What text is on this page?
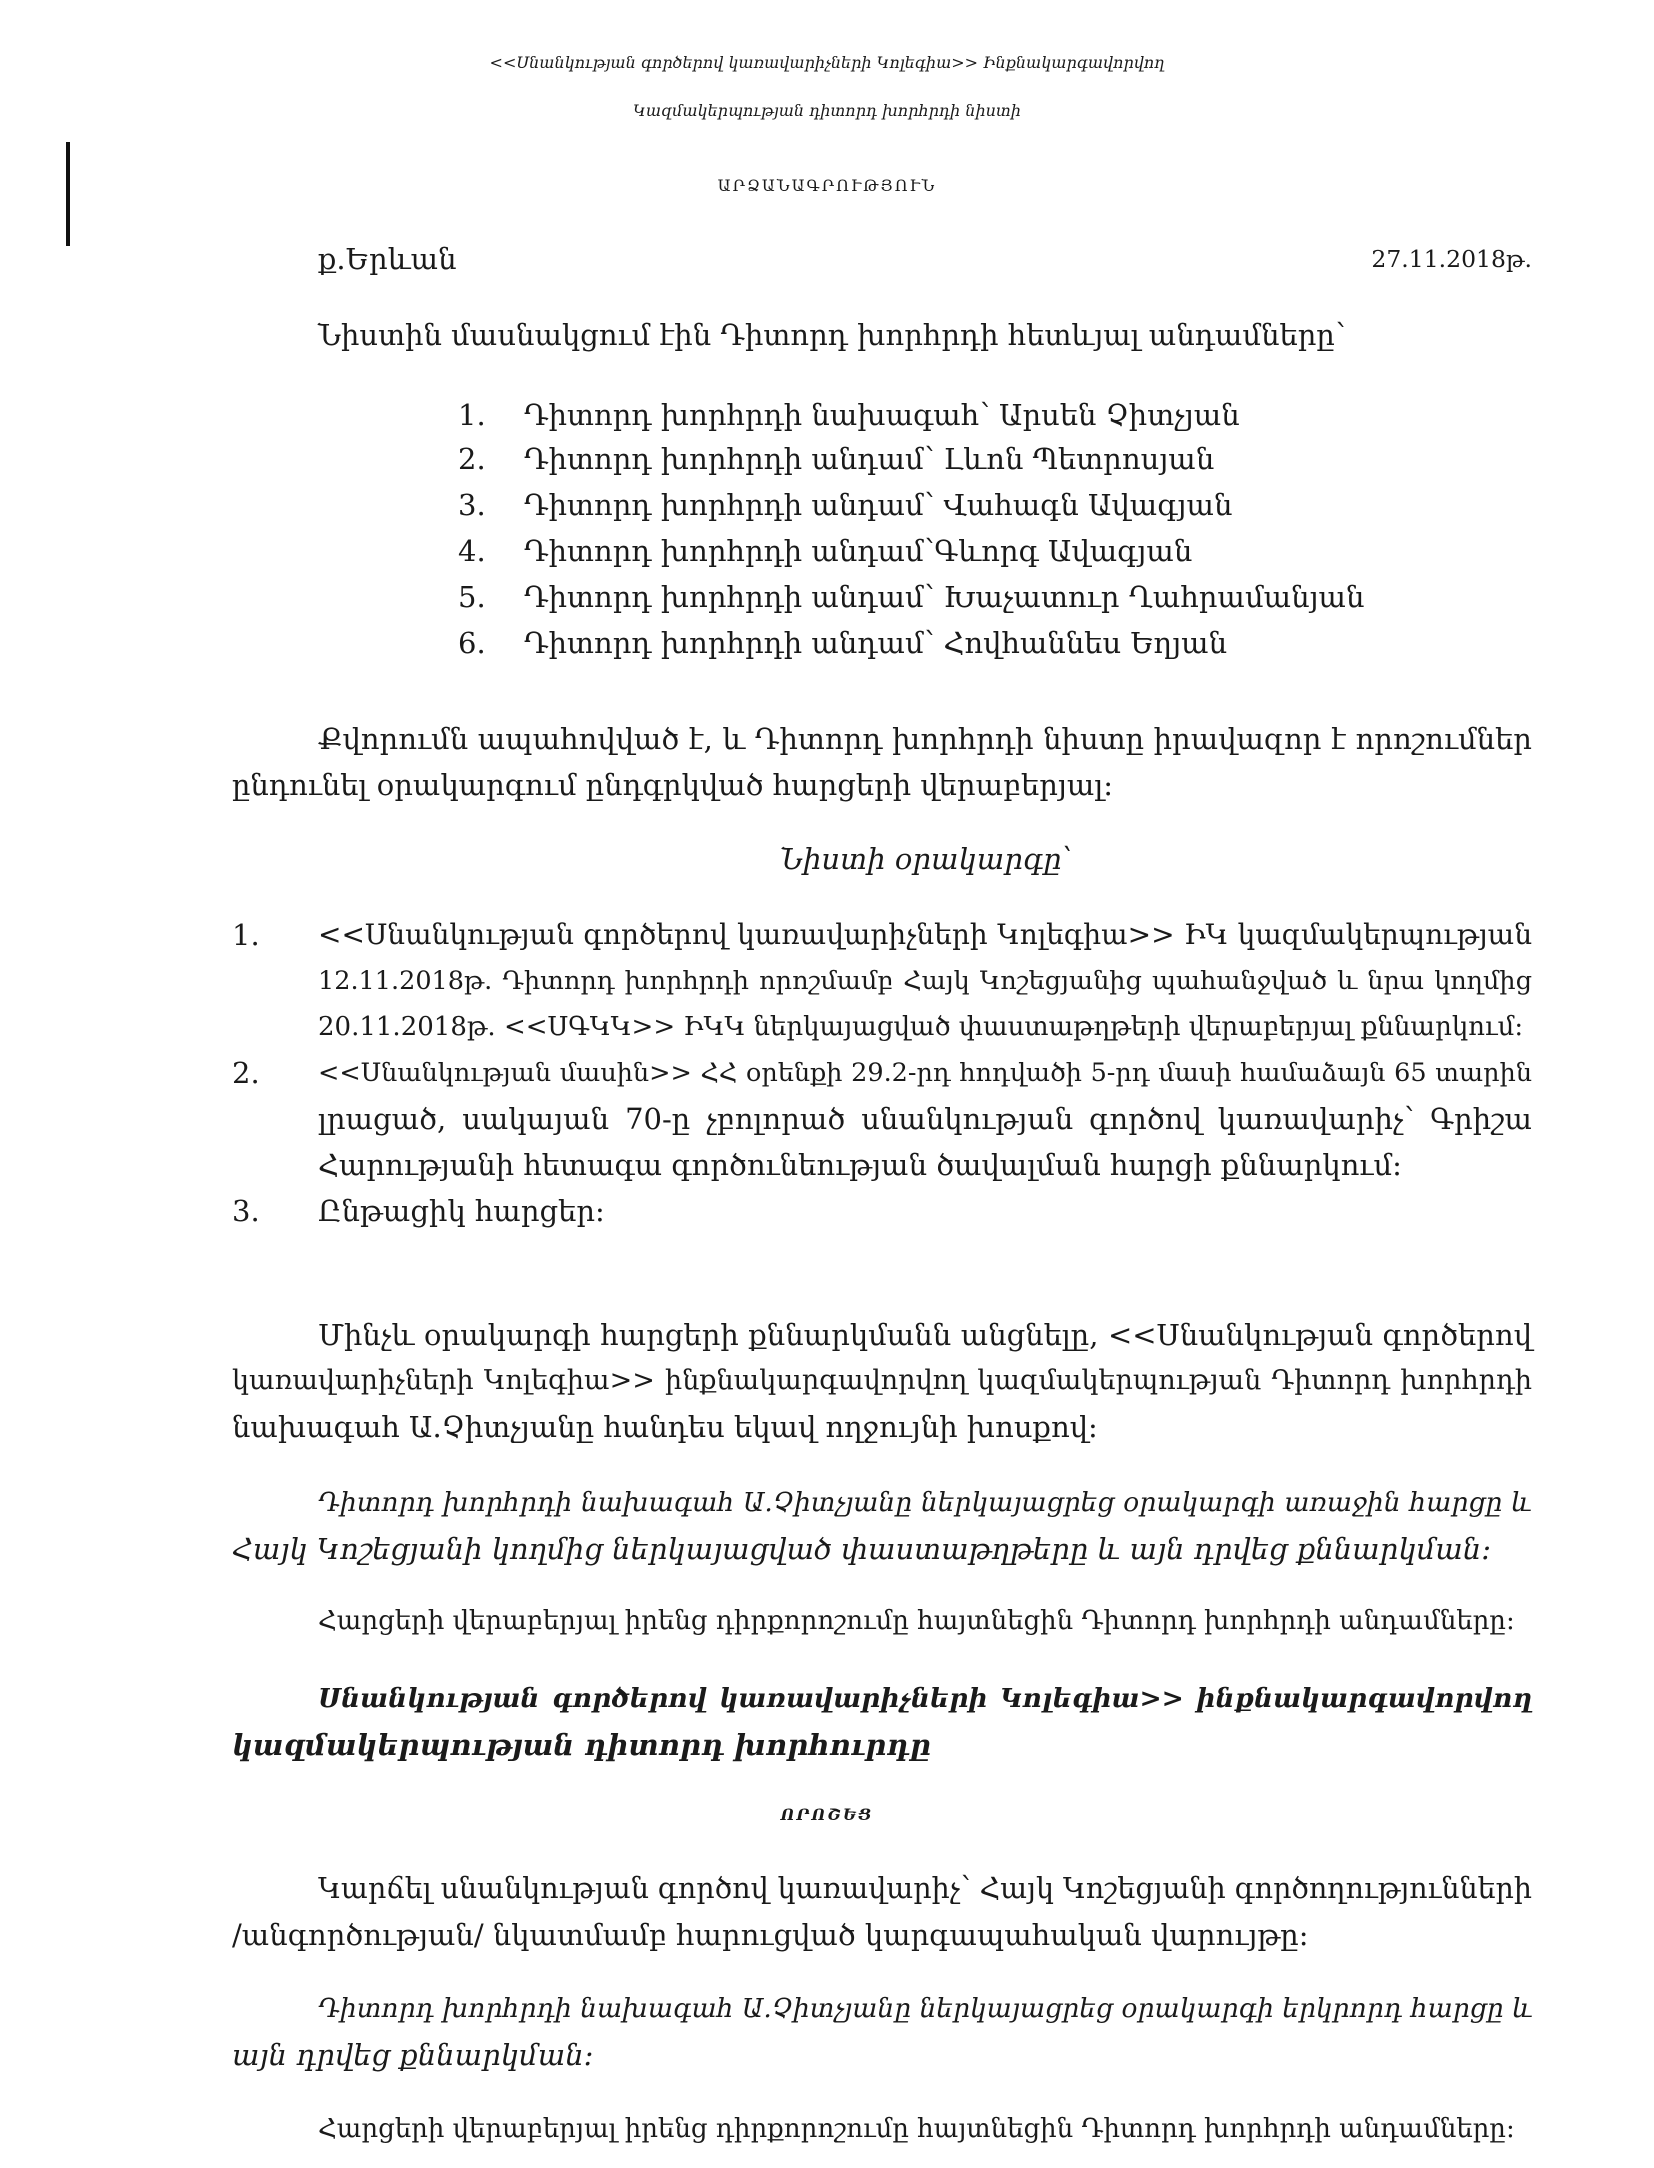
<<Սնանկության գործերով կառավարիչների Կոլեգիա>> Ինքնակարգավորվող
Կազմակերպության դիտորդ խորհրդի նիստի
ԱՐՁԱՆԱԳՐՈՒԹՅՈՒՆ
ք.Երևան	27.11.2018թ.
Նիստին մասնակցում էին Դիտորդ խորհրդի հետևյալ անդամները՝
1. Դիտորդ խորհրդի նախագահ՝ Արսեն Չիտչյան
2. Դիտորդ խորհրդի անդամ՝ Լևոն Պետրոսյան
3. Դիտորդ խորհրդի անդամ՝ Վահագն Ավագյան
4. Դիտորդ խորհրդի անդամ՝Գևորգ Ավագյան
5. Դիտորդ խորհրդի անդամ՝ Խաչատուր Ղահրամանյան
6. Դիտորդ խորհրդի անդամ՝ Հովհաննես Եղյան
Քվորումն ապահովված է, և Դիտորդ խորհրդի նիստը իրավազոր է որոշումներ
ընդունել օրակարգում ընդգրկված հարցերի վերաբերյալ:
Նիստի օրակարգը՝
1. <<Սնանկության գործերով կառավարիչների Կոլեգիա>> ԻԿ կազմակերպության
12.11.2018թ. Դիտորդ խորհրդի որոշմամբ Հայկ Կոշեցյանից պահանջված և նրա կողմից
20.11.2018թ. <<ՍԳԿԿ>> ԻԿԿ ներկայացված փաստաթղթերի վերաբերյալ քննարկում:
2. <<Սնանկության մասին>> ՀՀ օրենքի 29.2-րդ հոդվածի 5-րդ մասի համաձայն 65 տարին
լրացած, սակայան 70-ը չբոլորած սնանկության գործով կառավարիչ՝ Գրիշա
Հարությանի հետագա գործունեության ծավալման հարցի քննարկում:
3. Ընթացիկ հարցեր:
Մինչև օրակարգի հարցերի քննարկմանն անցնելը, <<Սնանկության գործերով
կառավարիչների Կոլեգիա>> ինքնակարգավորվող կազմակերպության Դիտորդ խորհրդի
նախագահ Ա.Չիտչյանը հանդես եկավ ողջույնի խոսքով:
Դիտորդ խորհրդի նախագահ Ա.Չիտչյանը ներկայացրեց օրակարգի առաջին հարցը և
Հայկ Կոշեցյանի կողմից ներկայացված փաստաթղթերը և այն դրվեց քննարկման:
Հարցերի վերաբերյալ իրենց դիրքորոշումը հայտնեցին Դիտորդ խորհրդի անդամները:
Սնանկության գործերով կառավարիչների Կոլեգիա>> ինքնակարգավորվող
կազմակերպության դիտորդ խորհուրդը
ՈՐՈՇԵՑ
Կարճել սնանկության գործով կառավարիչ՝ Հայկ Կոշեցյանի գործողությունների
/անգործության/ նկատմամբ հարուցված կարգապահական վարույթը:
Դիտորդ խորհրդի նախագահ Ա.Չիտչյանը ներկայացրեց օրակարգի երկրորդ հարցը և
այն դրվեց քննարկման:
Հարցերի վերաբերյալ իրենց դիրքորոշումը հայտնեցին Դիտորդ խորհրդի անդամները:
